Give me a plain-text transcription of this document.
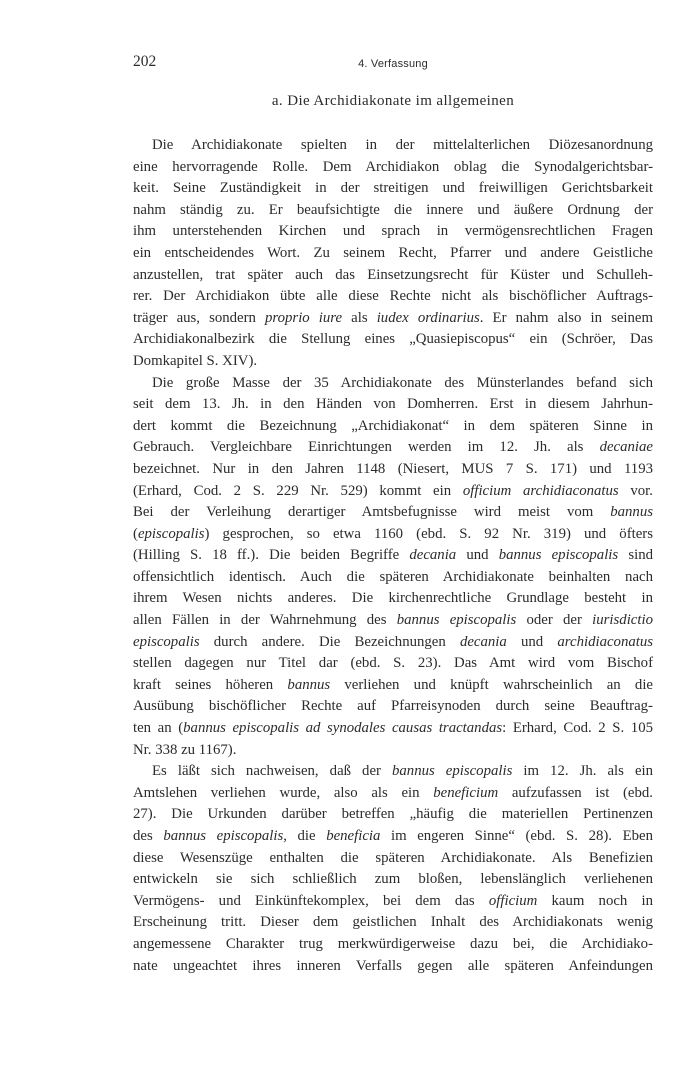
202	4. Verfassung
a. Die Archidiakonate im allgemeinen
Die Archidiakonate spielten in der mittelalterlichen Diözesanordnung
eine hervorragende Rolle. Dem Archidiakon oblag die Synodalgerichtsbar-
keit. Seine Zuständigkeit in der streitigen und freiwilligen Gerichtsbarkeit
nahm ständig zu. Er beaufsichtigte die innere und äußere Ordnung der
ihm unterstehenden Kirchen und sprach in vermögensrechtlichen Fragen
ein entscheidendes Wort. Zu seinem Recht, Pfarrer und andere Geistliche
anzustellen, trat später auch das Einsetzungsrecht für Küster und Schulleh-
rer. Der Archidiakon übte alle diese Rechte nicht als bischöflicher Auftrags-
träger aus, sondern proprio iure als iudex ordinarius. Er nahm also in seinem
Archidiakonalbezirk die Stellung eines „Quasiepiscopus“ ein (Schröer, Das
Domkapitel S. XIV).
Die große Masse der 35 Archidiakonate des Münsterlandes befand sich
seit dem 13. Jh. in den Händen von Domherren. Erst in diesem Jahrhun-
dert kommt die Bezeichnung „Archidiakonat“ in dem späteren Sinne in
Gebrauch. Vergleichbare Einrichtungen werden im 12. Jh. als decaniae
bezeichnet. Nur in den Jahren 1148 (Niesert, MUS 7 S. 171) und 1193
(Erhard, Cod. 2 S. 229 Nr. 529) kommt ein officium archidiaconatus vor.
Bei der Verleihung derartiger Amtsbefugnisse wird meist vom bannus
(episcopalis) gesprochen, so etwa 1160 (ebd. S. 92 Nr. 319) und öfters
(Hilling S. 18 ff.). Die beiden Begriffe decania und bannus episcopalis sind
offensichtlich identisch. Auch die späteren Archidiakonate beinhalten nach
ihrem Wesen nichts anderes. Die kirchenrechtliche Grundlage besteht in
allen Fällen in der Wahrnehmung des bannus episcopalis oder der iurisdictio
episcopalis durch andere. Die Bezeichnungen decania und archidiaconatus
stellen dagegen nur Titel dar (ebd. S. 23). Das Amt wird vom Bischof
kraft seines höheren bannus verliehen und knüpft wahrscheinlich an die
Ausübung bischöflicher Rechte auf Pfarreisynoden durch seine Beauftrag-
ten an (bannus episcopalis ad synodales causas tractandas: Erhard, Cod. 2 S. 105
Nr. 338 zu 1167).
Es läßt sich nachweisen, daß der bannus episcopalis im 12. Jh. als ein
Amtslehen verliehen wurde, also als ein beneficium aufzufassen ist (ebd.
27). Die Urkunden darüber betreffen „häufig die materiellen Pertinenzen
des bannus episcopalis, die beneficia im engeren Sinne“ (ebd. S. 28). Eben
diese Wesenszüge enthalten die späteren Archidiakonate. Als Benefizien
entwickeln sie sich schließlich zum bloßen, lebenslänglich verliehenen
Vermögens- und Einkünftekomplex, bei dem das officium kaum noch in
Erscheinung tritt. Dieser dem geistlichen Inhalt des Archidiakonats wenig
angemessene Charakter trug merkwürdigerweise dazu bei, die Archidiako-
nate ungeachtet ihres inneren Verfalls gegen alle späteren Anfeindungen
